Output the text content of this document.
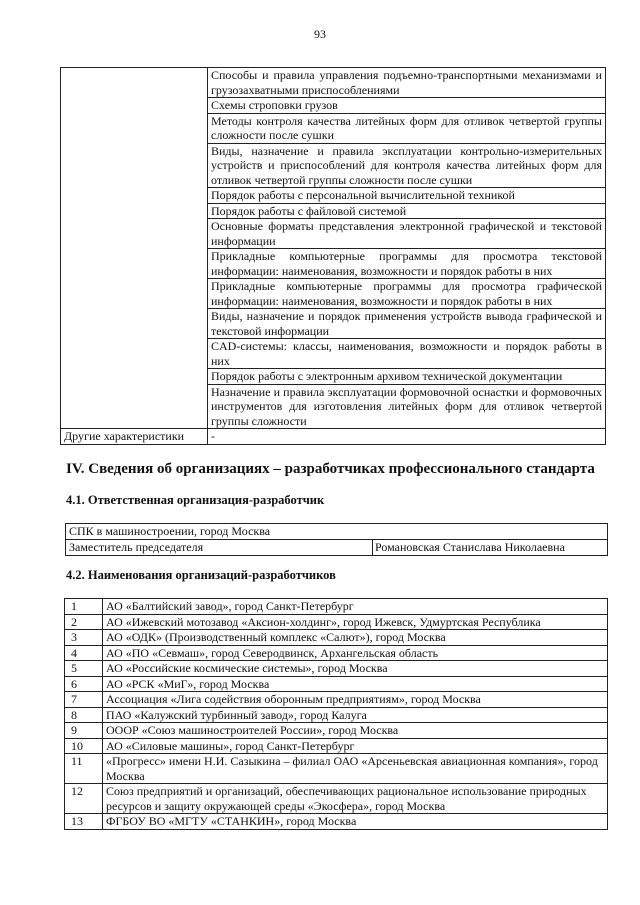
93
	Способы и правила управления подъемно-транспортными механизмами и грузозахватными приспособлениями
	Схемы строповки грузов
	Методы контроля качества литейных форм для отливок четвертой группы сложности после сушки
	Виды, назначение и правила эксплуатации контрольно-измерительных устройств и приспособлений для контроля качества литейных форм для отливок четвертой группы сложности после сушки
	Порядок работы с персональной вычислительной техникой
	Порядок работы с файловой системой
	Основные форматы представления электронной графической и текстовой информации
	Прикладные компьютерные программы для просмотра текстовой информации: наименования, возможности и порядок работы в них
	Прикладные компьютерные программы для просмотра графической информации: наименования, возможности и порядок работы в них
	Виды, назначение и порядок применения устройств вывода графической и текстовой информации
	CAD-системы: классы, наименования, возможности и порядок работы в них
	Порядок работы с электронным архивом технической документации
	Назначение и правила эксплуатации формовочной оснастки и формовочных инструментов для изготовления литейных форм для отливок четвертой группы сложности
Другие характеристики	-
IV. Сведения об организациях – разработчиках профессионального стандарта
4.1. Ответственная организация-разработчик
СПК в машиностроении, город Москва
Заместитель председателя	Романовская Станислава Николаевна
4.2. Наименования организаций-разработчиков
1	АО «Балтийский завод», город Санкт-Петербург
2	АО «Ижевский мотозавод «Аксион-холдинг», город Ижевск, Удмуртская Республика
3	АО «ОДК» (Производственный комплекс «Салют»), город Москва
4	АО «ПО «Севмаш», город Северодвинск, Архангельская область
5	АО «Российские космические системы», город Москва
6	АО «РСК «МиГ», город Москва
7	Ассоциация «Лига содействия оборонным предприятиям», город Москва
8	ПАО «Калужский турбинный завод», город Калуга
9	ОООР «Союз машиностроителей России», город Москва
10	АО «Силовые машины», город Санкт-Петербург
11	«Прогресс» имени Н.И. Сазыкина – филиал ОАО «Арсеньевская авиационная компания», город Москва
12	Союз предприятий и организаций, обеспечивающих рациональное использование природных ресурсов и защиту окружающей среды «Экосфера», город Москва
13	ФГБОУ ВО «МГТУ «СТАНКИН», город Москва
